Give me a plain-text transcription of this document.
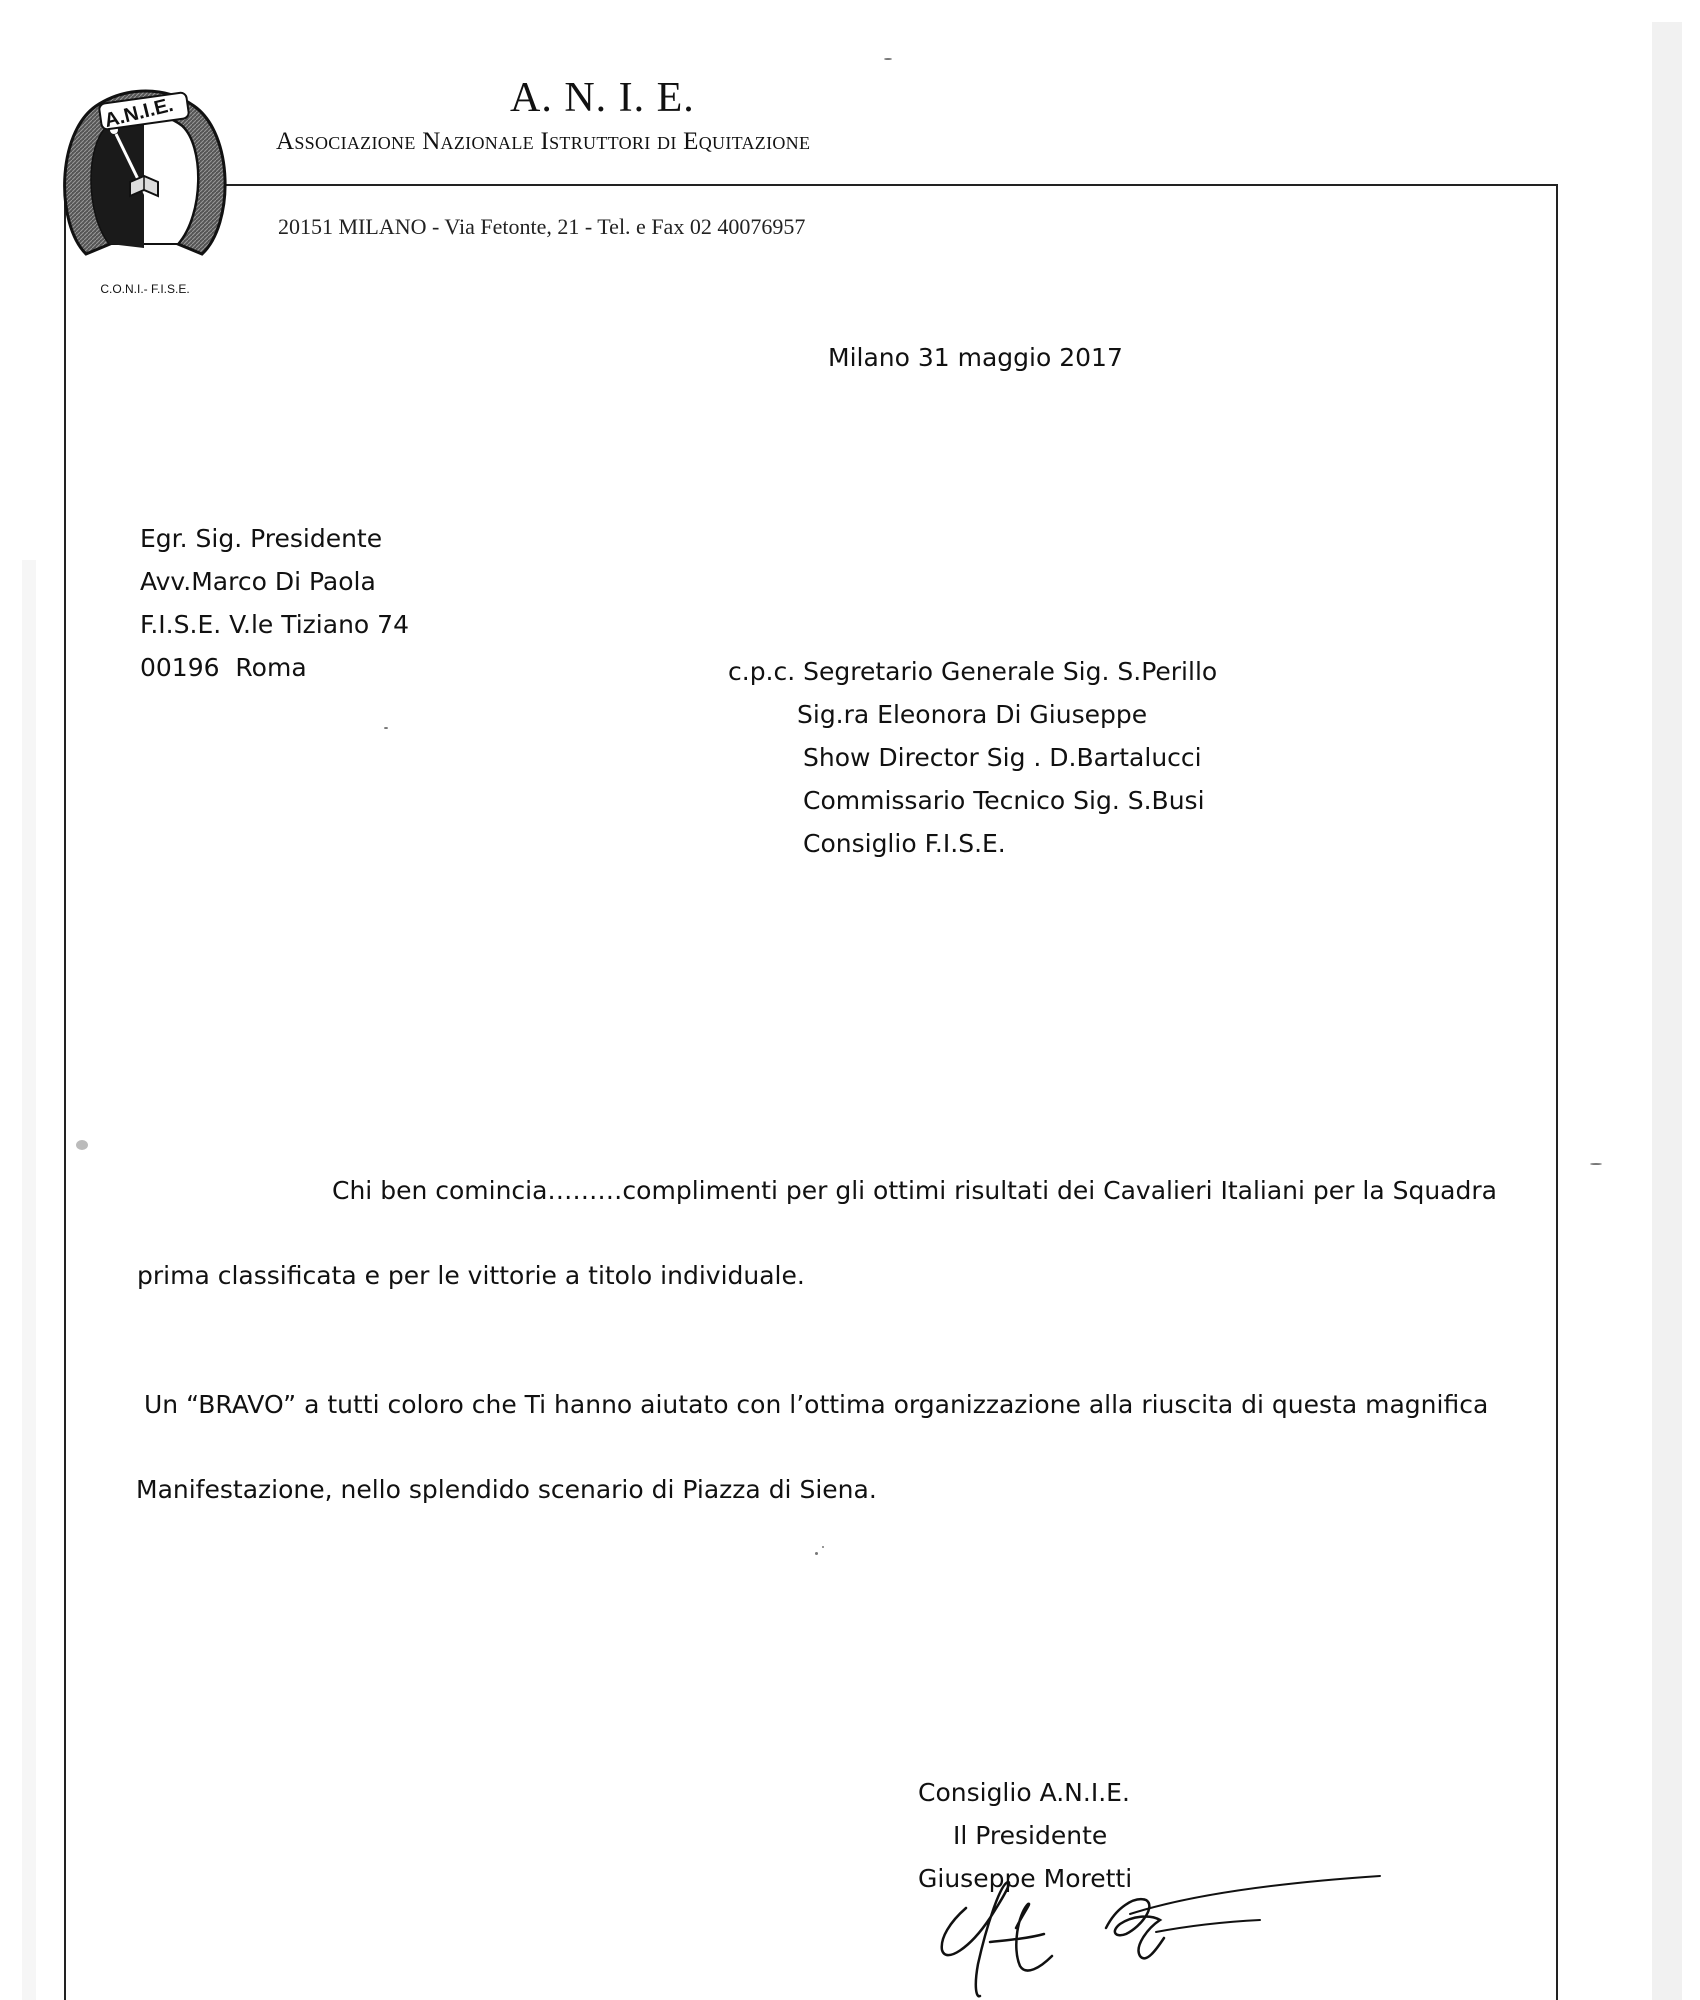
A.N.I.E.
C.O.N.I.- F.I.S.E.
A. N. I. E.
Associazione Nazionale Istruttori di Equitazione
20151 MILANO - Via Fetonte, 21 - Tel. e Fax 02 40076957
Milano 31 maggio 2017
Egr. Sig. Presidente
Avv.Marco Di Paola
F.I.S.E. V.le Tiziano 74
00196  Roma	c.p.c. Segretario Generale Sig. S.Perillo
Sig.ra Eleonora Di Giuseppe
Show Director Sig . D.Bartalucci
Commissario Tecnico Sig. S.Busi
Consiglio F.I.S.E.
Chi ben comincia………complimenti per gli ottimi risultati dei Cavalieri Italiani per la Squadra
prima classificata e per le vittorie a titolo individuale.
Un “BRAVO” a tutti coloro che Ti hanno aiutato con l’ottima organizzazione alla riuscita di questa magnifica
Manifestazione, nello splendido scenario di Piazza di Siena.
Consiglio A.N.I.E.
Il Presidente
Giuseppe Moretti
